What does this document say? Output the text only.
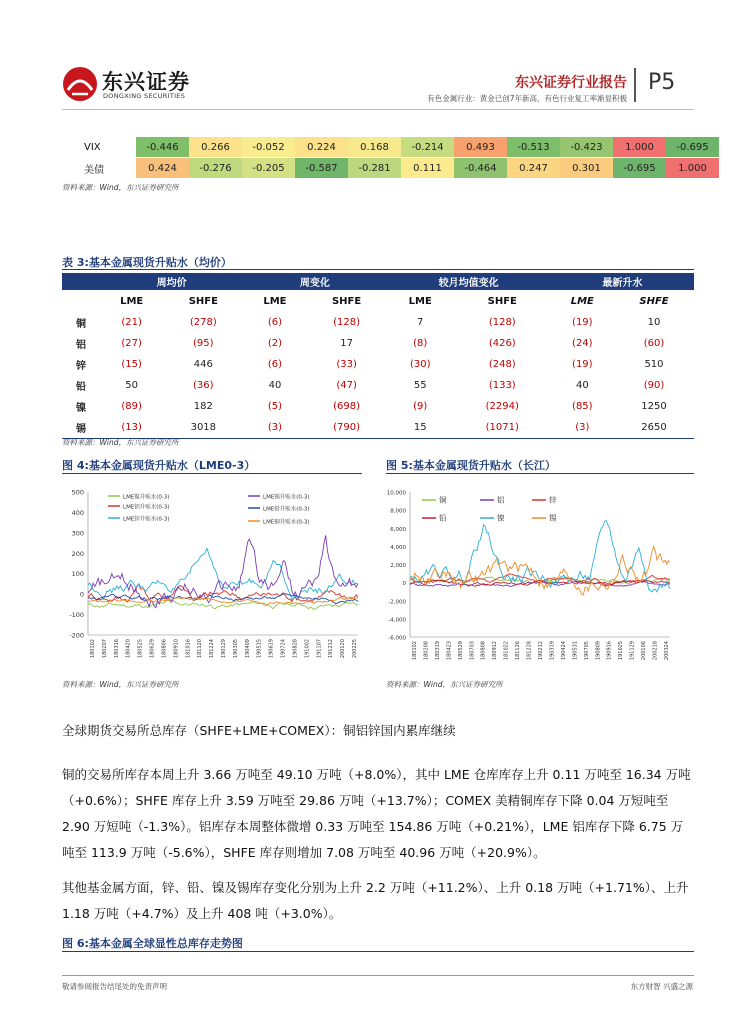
东兴证券
DONGXING SECURITIES
东兴证券行业报告
有色金属行业：黄金已创7年新高，有色行业复工率渐显积极
P5
VIX	-0.446	0.266	-0.052	0.224	0.168	-0.214	0.493	-0.513	-0.423	1.000	-0.695
美债	0.424	-0.276	-0.205	-0.587	-0.281	0.111	-0.464	0.247	0.301	-0.695	1.000
资料来源：Wind，东兴证券研究所
表 3:基本金属现货升贴水（均价）
	周均价		周变化		较月均值变化		最新升水	
	LME	SHFE	LME	SHFE	LME	SHFE	LME	SHFE
铜	(21)	(278)	(6)	(128)	7	(128)	(19)	10
铝	(27)	(95)	(2)	17	(8)	(426)	(24)	(60)
锌	(15)	446	(6)	(33)	(30)	(248)	(19)	510
铅	50	(36)	40	(47)	55	(133)	40	(90)
镍	(89)	182	(5)	(698)	(9)	(2294)	(85)	1250
锡	(13)	3018	(3)	(790)	15	(1071)	(3)	2650
资料来源：Wind，东兴证券研究所
图 4:基本金属现货升贴水（LME0-3）
500
400
300
200
100
0
-100
-200
180102 180207 180316 180420 180525 180629 180806 180910 181016 181120 181224 190129 190305 190409 190515 190619 190724 190828 191002 191107 191212 200120 200225
LME镍升贴水(0-3)
LME铝升贴水(0-3)
LME锌升贴水(0-3)
LME锡升贴水(0-3)
LME铅升贴水(0-3)
LME铜升贴水(0-3)
资料来源：Wind，东兴证券研究所
图 5:基本金属现货升贴水（长江）
10,000
8,000
6,000
4,000
2,000
0
-2,000
-4,000
-6,000
180102 180208 180319 180423 180529 180703 180808 180912 181022 181126 181228 190212 190319 190424 190531 190705 190809 190916 191025 191129 200106 200218 200324
铜	铝	锌
铅	镍	锡
资料来源：Wind，东兴证券研究所
全球期货交易所总库存（SHFE+LME+COMEX）：铜铝锌国内累库继续
铜的交易所库存本周上升 3.66 万吨至 49.10 万吨（+8.0%），其中 LME 仓库库存上升 0.11 万吨至 16.34 万吨（+0.6%）；SHFE 库存上升 3.59 万吨至 29.86 万吨（+13.7%）；COMEX 美精铜库存下降 0.04 万短吨至 2.90 万短吨（-1.3%）。铝库存本周整体微增 0.33 万吨至 154.86 万吨（+0.21%），LME 铝库存下降 6.75 万吨至 113.9 万吨（-5.6%），SHFE 库存则增加 7.08 万吨至 40.96 万吨（+20.9%）。
其他基金属方面，锌、铅、镍及锡库存变化分别为上升 2.2 万吨（+11.2%）、上升 0.18 万吨（+1.71%）、上升 1.18 万吨（+4.7%）及上升 408 吨（+3.0%）。
图 6:基本金属全球显性总库存走势图
敬请参阅报告结尾处的免责声明	东方财智 兴盛之源
